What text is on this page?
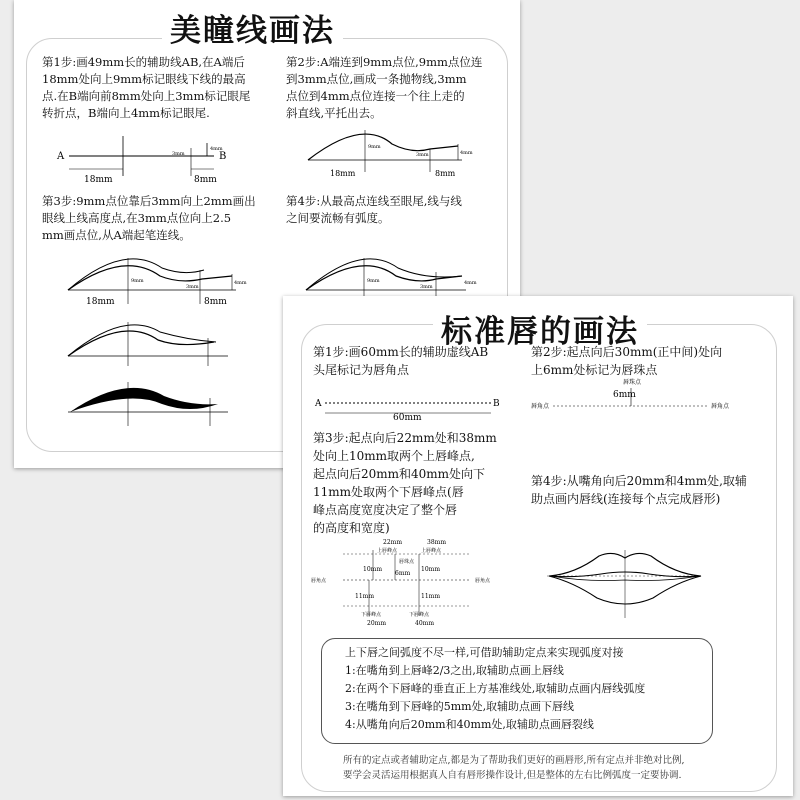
美瞳线画法
第1步:画49mm长的辅助线AB,在A端后
18mm处向上9mm标记眼线下线的最高
点.在B端向前8mm处向上3mm标记眼尾
转折点，B端向上4mm标记眼尾.
第2步:A端连到9mm点位,9mm点位连
到3mm点位,画成一条抛物线,3mm
点位到4mm点位连接一个往上走的
斜直线,平托出去。
A	B
18mm	8mm
3mm
4mm
18mm	8mm
9mm
3mm	4mm
第3步:9mm点位靠后3mm向上2mm画出
眼线上线高度点,在3mm点位向上2.5
mm画点位,从A端起笔连线。
第4步:从最高点连线至眼尾,线与线
之间要流畅有弧度。
18mm	8mm
9mm
3mm
4mm	9mm
3mm
4mm
标准唇的画法
第1步:画60mm长的辅助虚线AB
头尾标记为唇角点
第2步:起点向后30mm(正中间)处向
上6mm处标记为唇珠点
A	B
60mm
唇珠点
6mm
唇角点	唇角点
第3步:起点向后22mm处和38mm
处向上10mm取两个上唇峰点,
起点向后20mm和40mm处向下
11mm处取两个下唇峰点(唇
峰点高度宽度决定了整个唇
的高度和宽度)
第4步:从嘴角向后20mm和4mm处,取辅
助点画内唇线(连接每个点完成唇形)
22mm	38mm
上唇峰点	上唇峰点
唇珠点
10mm	10mm
6mm
唇角点	唇角点
11mm	11mm
下唇峰点	下唇峰点
20mm	40mm
上下唇之间弧度不尽一样,可借助辅助定点来实现弧度对接
1:在嘴角到上唇峰2/3之出,取辅助点画上唇线
2:在两个下唇峰的垂直正上方基准线处,取辅助点画内唇线弧度
3:在嘴角到下唇峰的5mm处,取辅助点画下唇线
4:从嘴角向后20mm和40mm处,取辅助点画唇裂线
所有的定点或者辅助定点,都是为了帮助我们更好的画唇形,所有定点并非绝对比例,
要学会灵活运用根据真人自有唇形操作设计,但是整体的左右比例弧度一定要协调.
